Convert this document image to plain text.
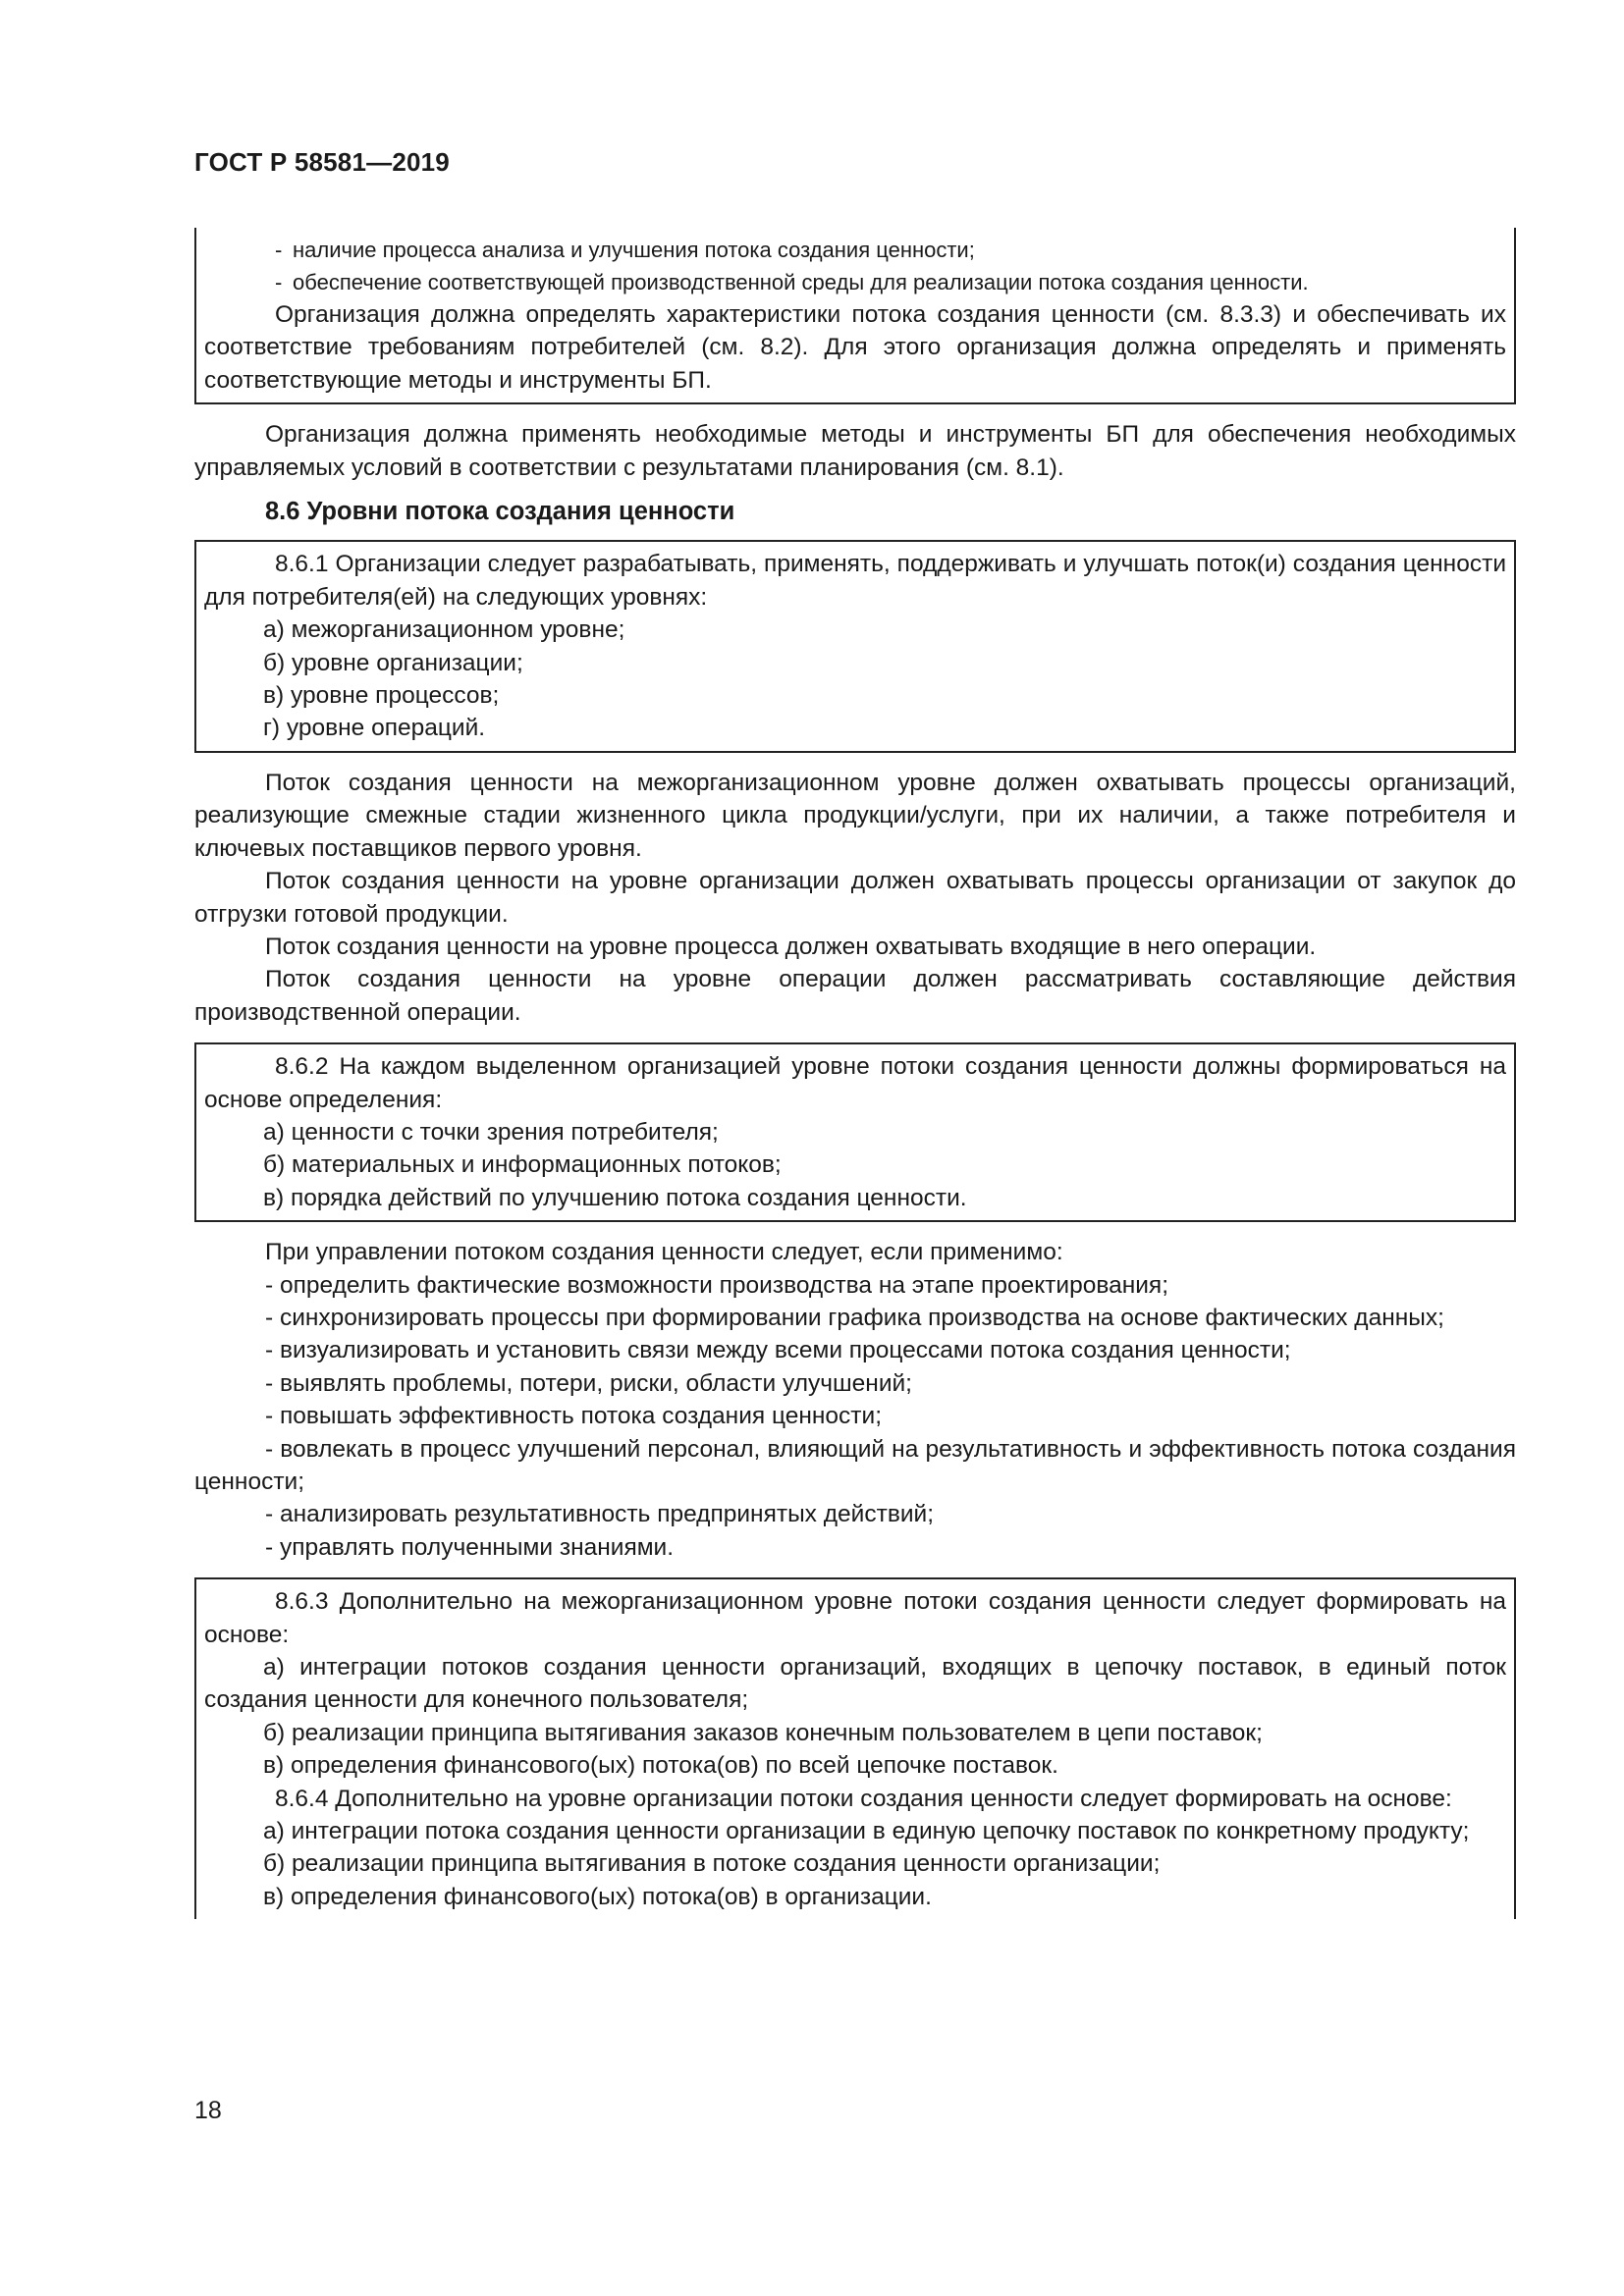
ГОСТ Р 58581—2019

- наличие процесса анализа и улучшения потока создания ценности;

- обеспечение соответствующей производственной среды для реализации потока создания ценности.

Организация должна определять характеристики потока создания ценности (см. 8.3.3) и обеспечивать их соответствие требованиям потребителей (см. 8.2). Для этого организация должна определять и применять соответствующие методы и инструменты БП.

Организация должна применять необходимые методы и инструменты БП для обеспечения необходимых управляемых условий в соответствии с результатами планирования (см. 8.1).

8.6 Уровни потока создания ценности

8.6.1 Организации следует разрабатывать, применять, поддерживать и улучшать поток(и) создания ценности для потребителя(ей) на следующих уровнях:

а) межорганизационном уровне;

б) уровне организации;

в) уровне процессов;

г) уровне операций.

Поток создания ценности на межорганизационном уровне должен охватывать процессы организаций, реализующие смежные стадии жизненного цикла продукции/услуги, при их наличии, а также потребителя и ключевых поставщиков первого уровня.

Поток создания ценности на уровне организации должен охватывать процессы организации от закупок до отгрузки готовой продукции.

Поток создания ценности на уровне процесса должен охватывать входящие в него операции.

Поток создания ценности на уровне операции должен рассматривать составляющие действия производственной операции.

8.6.2 На каждом выделенном организацией уровне потоки создания ценности должны формироваться на основе определения:

а) ценности с точки зрения потребителя;

б) материальных и информационных потоков;

в) порядка действий по улучшению потока создания ценности.

При управлении потоком создания ценности следует, если применимо:

- определить фактические возможности производства на этапе проектирования;

- синхронизировать процессы при формировании графика производства на основе фактических данных;

- визуализировать и установить связи между всеми процессами потока создания ценности;

- выявлять проблемы, потери, риски, области улучшений;

- повышать эффективность потока создания ценности;

- вовлекать в процесс улучшений персонал, влияющий на результативность и эффективность потока создания ценности;

- анализировать результативность предпринятых действий;

- управлять полученными знаниями.

8.6.3 Дополнительно на межорганизационном уровне потоки создания ценности следует формировать на основе:

а) интеграции потоков создания ценности организаций, входящих в цепочку поставок, в единый поток создания ценности для конечного пользователя;

б) реализации принципа вытягивания заказов конечным пользователем в цепи поставок;

в) определения финансового(ых) потока(ов) по всей цепочке поставок.

8.6.4 Дополнительно на уровне организации потоки создания ценности следует формировать на основе:

а) интеграции потока создания ценности организации в единую цепочку поставок по конкретному продукту;

б) реализации принципа вытягивания в потоке создания ценности организации;

в) определения финансового(ых) потока(ов) в организации.

18
